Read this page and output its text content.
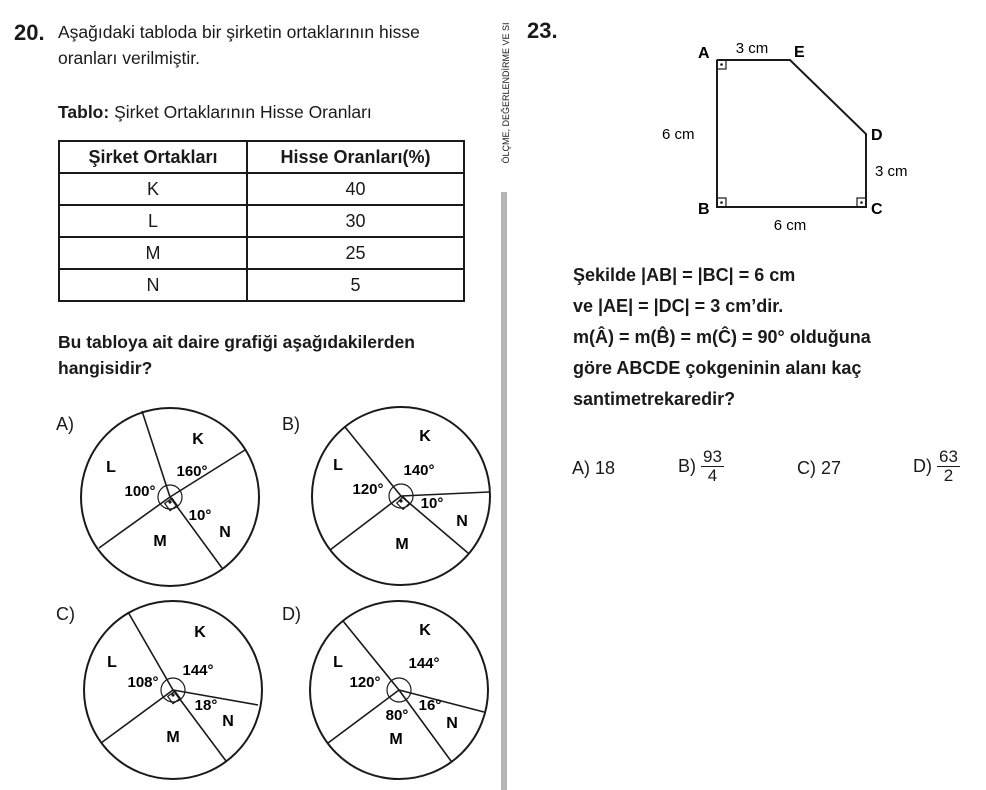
20. Aşağıdaki tabloda bir şirketin ortaklarının hisse
oranları verilmiştir.
Tablo: Şirket Ortaklarının Hisse Oranları
Şirket Ortakları	Hisse Oranları(%)
K	40
L	30
M	25
N	5
Bu tabloya ait daire grafiği aşağıdakilerden
hangisidir?
A)	B)
C)	D)
K
L
M
N
160°
100°
10°
K
L
M
N
140°
120°
10°
K
L
M
N
144°
108°
18°
K
L
M
N
144°
120°
16°
80°
ÖLÇME, DEĞERLENDİRME VE SI 23.
A	E
D
B	C
3 cm
6 cm
3 cm
6 cm
Şekilde |AB| = |BC| = 6 cm
ve |AE| = |DC| = 3 cm’dir.
m(Â) = m(B̂) = m(Ĉ) = 90° olduğuna
göre ABCDE çokgeninin alanı kaç
santimetrekaredir?
A) 18	$B) \frac{93}{4}$	C) 27	$D) \frac{63}{2}$
